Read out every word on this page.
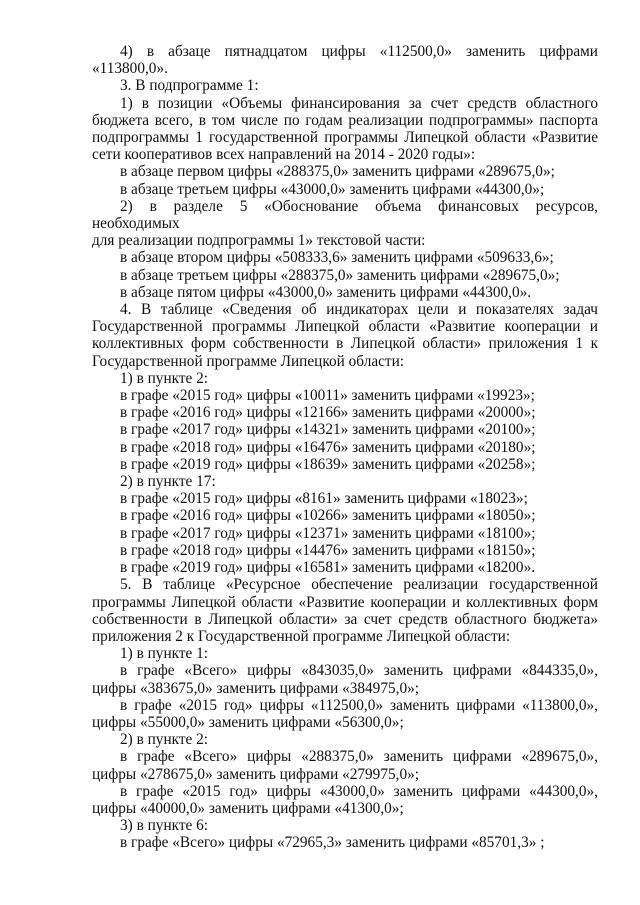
4) в абзаце пятнадцатом цифры «112500,0» заменить цифрами

«113800,0».

3. В подпрограмме 1:

1) в позиции «Объемы финансирования за счет средств областного

бюджета всего, в том числе по годам реализации подпрограммы» паспорта

подпрограммы 1 государственной программы Липецкой области «Развитие

сети кооперативов всех направлений на 2014 - 2020 годы»:

в абзаце первом цифры «288375,0» заменить цифрами «289675,0»;

в абзаце третьем цифры «43000,0» заменить цифрами «44300,0»;

2) в разделе 5 «Обоснование объема финансовых ресурсов, необходимых

для реализации подпрограммы 1» текстовой части:

в абзаце втором цифры «508333,6» заменить цифрами «509633,6»;

в абзаце третьем цифры «288375,0» заменить цифрами «289675,0»;

в абзаце пятом цифры «43000,0» заменить цифрами «44300,0».

4. В таблице «Сведения об индикаторах цели и показателях задач

Государственной программы Липецкой области «Развитие кооперации и

коллективных форм собственности в Липецкой области» приложения 1 к

Государственной программе Липецкой области:

1) в пункте 2:

в графе «2015 год» цифры «10011» заменить цифрами «19923»;

в графе «2016 год» цифры «12166» заменить цифрами «20000»;

в графе «2017 год» цифры «14321» заменить цифрами «20100»;

в графе «2018 год» цифры «16476» заменить цифрами «20180»;

в графе «2019 год» цифры «18639» заменить цифрами «20258»;

2) в пункте 17:

в графе «2015 год» цифры «8161» заменить цифрами «18023»;

в графе «2016 год» цифры «10266» заменить цифрами «18050»;

в графе «2017 год» цифры «12371» заменить цифрами «18100»;

в графе «2018 год» цифры «14476» заменить цифрами «18150»;

в графе «2019 год» цифры «16581» заменить цифрами «18200».

5. В таблице «Ресурсное обеспечение реализации государственной

программы Липецкой области «Развитие кооперации и коллективных форм

собственности в Липецкой области» за счет средств областного бюджета»

приложения 2 к Государственной программе Липецкой области:

1) в пункте 1:

в графе «Всего» цифры «843035,0» заменить цифрами «844335,0»,

цифры «383675,0» заменить цифрами «384975,0»;

в графе «2015 год» цифры «112500,0» заменить цифрами «113800,0»,

цифры «55000,0» заменить цифрами «56300,0»;

2) в пункте 2:

в графе «Всего» цифры «288375,0» заменить цифрами «289675,0»,

цифры «278675,0» заменить цифрами «279975,0»;

в графе «2015 год» цифры «43000,0» заменить цифрами «44300,0»,

цифры «40000,0» заменить цифрами «41300,0»;

3) в пункте 6:

в графе «Всего» цифры «72965,3» заменить цифрами «85701,3» ;
